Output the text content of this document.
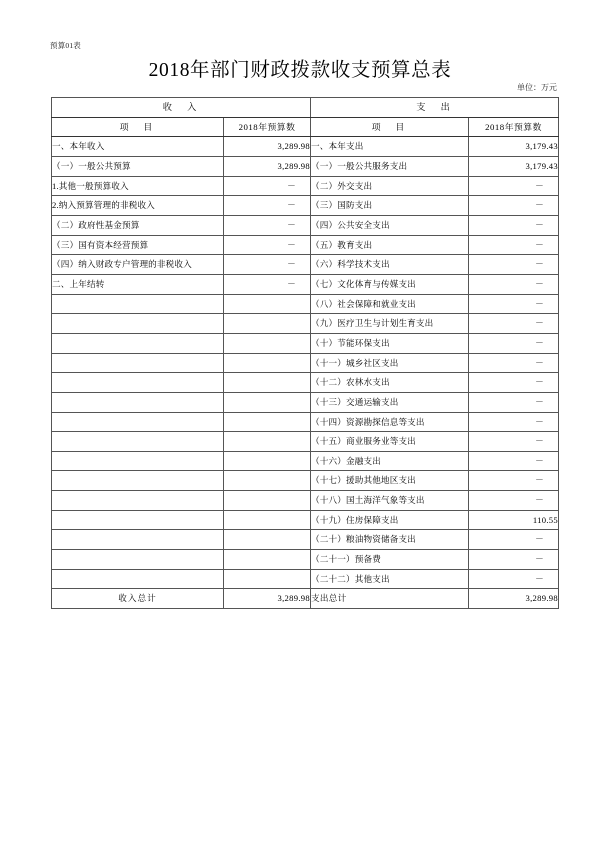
预算01表
2018年部门财政拨款收支预算总表
单位：万元
收　入		支　出	
项　目	2018年预算数	项　目	2018年预算数
一、本年收入	3,289.98	一、本年支出	3,179.43
（一）一般公共预算	3,289.98	（一）一般公共服务支出	3,179.43
1.其他一般预算收入	－	（二）外交支出	－
2.纳入预算管理的非税收入	－	（三）国防支出	－
（二）政府性基金预算	－	（四）公共安全支出	－
（三）国有资本经营预算	－	（五）教育支出	－
（四）纳入财政专户管理的非税收入	－	（六）科学技术支出	－
二、上年结转	－	（七）文化体育与传媒支出	－
		（八）社会保障和就业支出	－
		（九）医疗卫生与计划生育支出	－
		（十）节能环保支出	－
		（十一）城乡社区支出	－
		（十二）农林水支出	－
		（十三）交通运输支出	－
		（十四）资源勘探信息等支出	－
		（十五）商业服务业等支出	－
		（十六）金融支出	－
		（十七）援助其他地区支出	－
		（十八）国土海洋气象等支出	－
		（十九）住房保障支出	110.55
		（二十）粮油物资储备支出	－
		（二十一）预备费	－
		（二十二）其他支出	－
收入总计	3,289.98	支出总计	3,289.98
